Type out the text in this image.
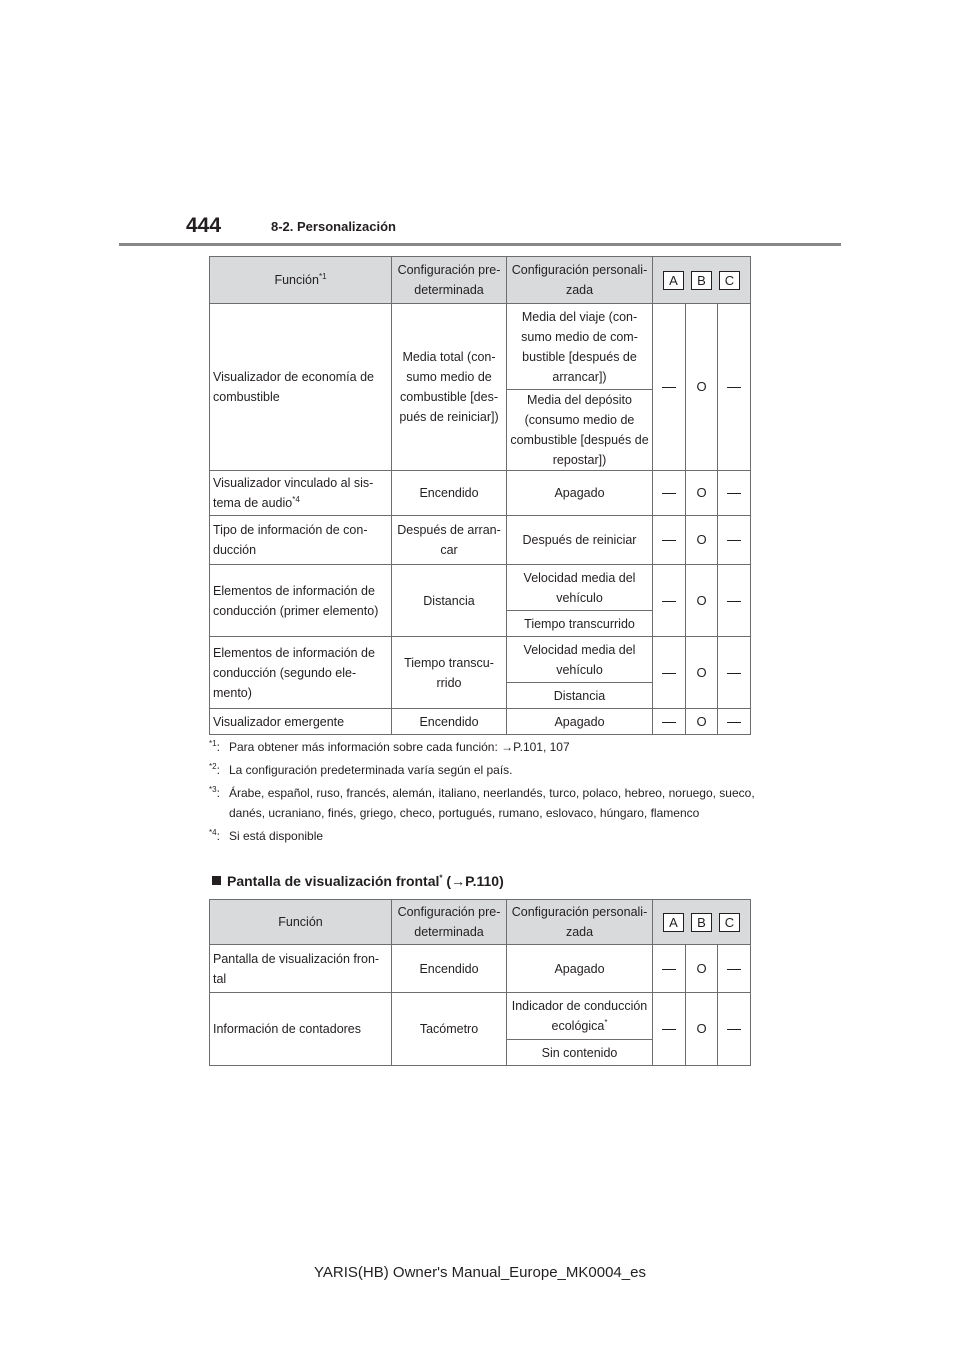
444	8-2. Personalización
Función$^{*1}$	Configuración pre-determinada	Configuración personali-zada	A B C		

Visualizador de economía de combustible	Media total (con-sumo medio de combustible [des-pués de reiniciar])	Media del viaje (con-sumo medio de com-bustible [después de arrancar])		O	
		Media del depósito (consumo medio de combustible [después de repostar])			
Visualizador vinculado al sis-tema de audio$^{*4}$	Encendido	Apagado		O	
Tipo de información de con-ducción	Después de arran-car	Después de reiniciar		O	
Elementos de información de conducción (primer elemento)	Distancia	Velocidad media del vehículo		O	
		Tiempo transcurrido			
Elementos de información de conducción (segundo ele-mento)	Tiempo transcu-rrido	Velocidad media del vehículo		O	
		Distancia			
Visualizador emergente	Encendido	Apagado		O	
$^{*1}$: Para obtener más información sobre cada función: →P.101, 107
$^{*2}$: La configuración predeterminada varía según el país.
$^{*3}$: Árabe, español, ruso, francés, alemán, italiano, neerlandés, turco, polaco, hebreo, noruego, sueco, danés, ucraniano, finés, griego, checo, portugués, rumano, eslovaco, húngaro, flamenco
$^{*4}$: Si está disponible
Pantalla de visualización frontal* (→P.110)
Función	Configuración pre-determinada	Configuración personali-zada	A B C		

Pantalla de visualización fron-tal	Encendido	Apagado		O	
Información de contadores	Tacómetro	Indicador de conducción ecológica*		O	
		Sin contenido			
YARIS(HB) Owner's Manual_Europe_MK0004_es
